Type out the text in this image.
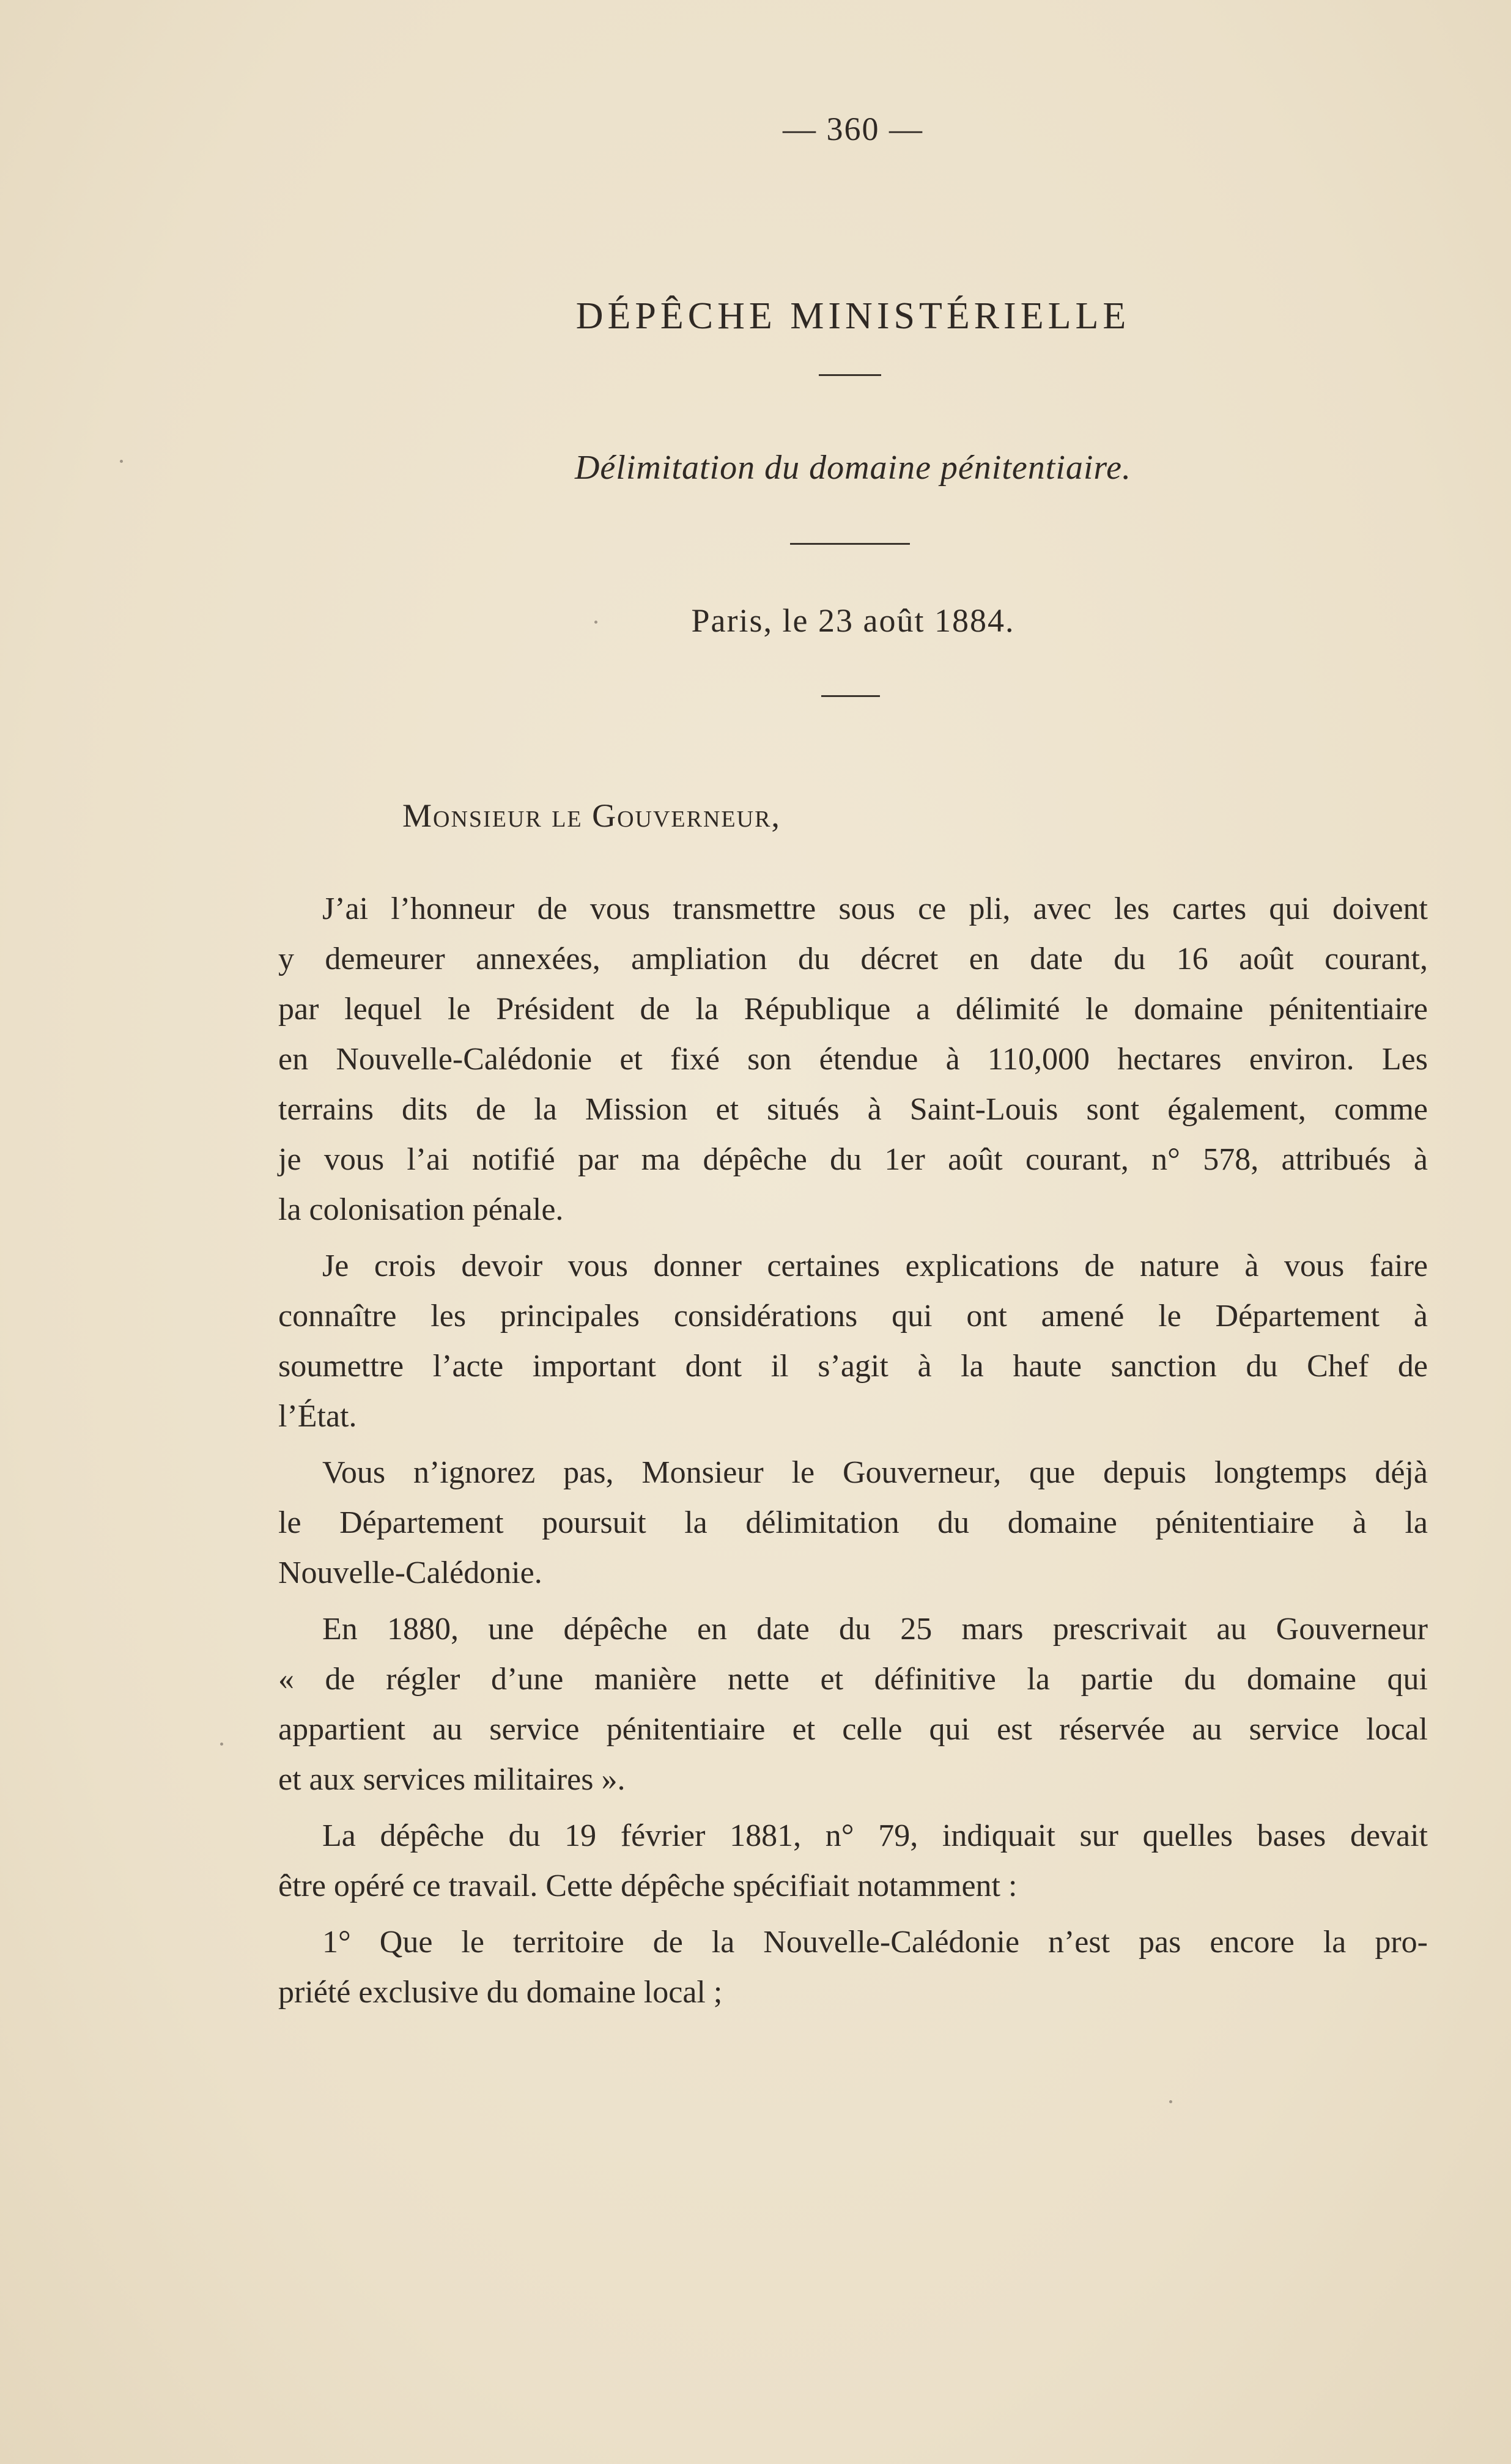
— 360 —
DÉPÊCHE MINISTÉRIELLE
Délimitation du domaine pénitentiaire.
Paris, le 23 août 1884.
Monsieur le Gouverneur,
J’ai l’honneur de vous transmettre sous ce pli, avec les cartes qui doivent
y demeurer annexées, ampliation du décret en date du 16 août courant,
par lequel le Président de la République a délimité le domaine pénitentiaire
en Nouvelle-Calédonie et fixé son étendue à 110,000 hectares environ. Les
terrains dits de la Mission et situés à Saint-Louis sont également, comme
je vous l’ai notifié par ma dépêche du 1er août courant, n° 578, attribués à
la colonisation pénale.
Je crois devoir vous donner certaines explications de nature à vous faire
connaître les principales considérations qui ont amené le Département à
soumettre l’acte important dont il s’agit à la haute sanction du Chef de
l’État.
Vous n’ignorez pas, Monsieur le Gouverneur, que depuis longtemps déjà
le Département poursuit la délimitation du domaine pénitentiaire à la
Nouvelle-Calédonie.
En 1880, une dépêche en date du 25 mars prescrivait au Gouverneur
« de régler d’une manière nette et définitive la partie du domaine qui
appartient au service pénitentiaire et celle qui est réservée au service local
et aux services militaires ».
La dépêche du 19 février 1881, n° 79, indiquait sur quelles bases devait
être opéré ce travail. Cette dépêche spécifiait notamment :
1° Que le territoire de la Nouvelle-Calédonie n’est pas encore la pro-
priété exclusive du domaine local ;
